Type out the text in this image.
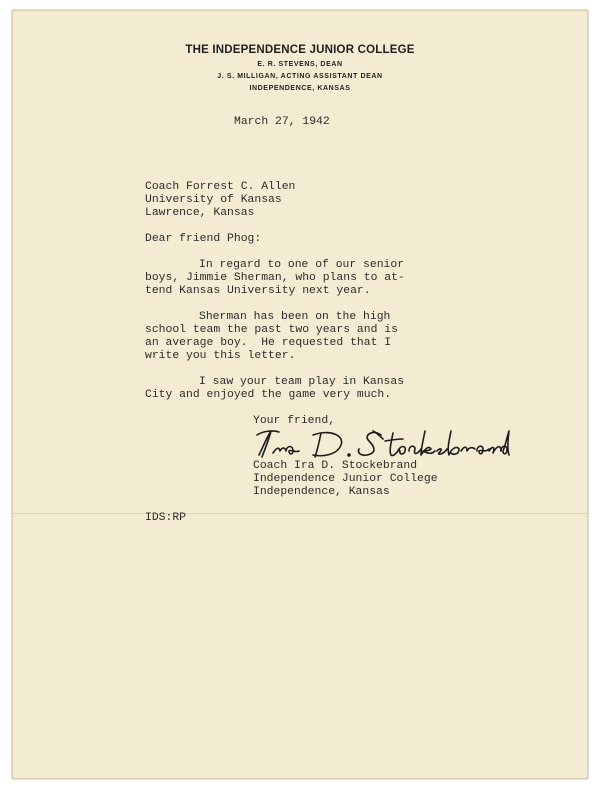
THE INDEPENDENCE JUNIOR COLLEGE
E. R. STEVENS, DEAN
J. S. MILLIGAN, ACTING ASSISTANT DEAN
INDEPENDENCE, KANSAS
March 27, 1942
Coach Forrest C. Allen
University of Kansas
Lawrence, Kansas
Dear friend Phog:
In regard to one of our senior
boys, Jimmie Sherman, who plans to at-
tend Kansas University next year.
Sherman has been on the high
school team the past two years and is
an average boy.  He requested that I
write you this letter.
I saw your team play in Kansas
City and enjoyed the game very much.
Your friend,
Coach Ira D. Stockebrand
Independence Junior College
Independence, Kansas
IDS:RP
